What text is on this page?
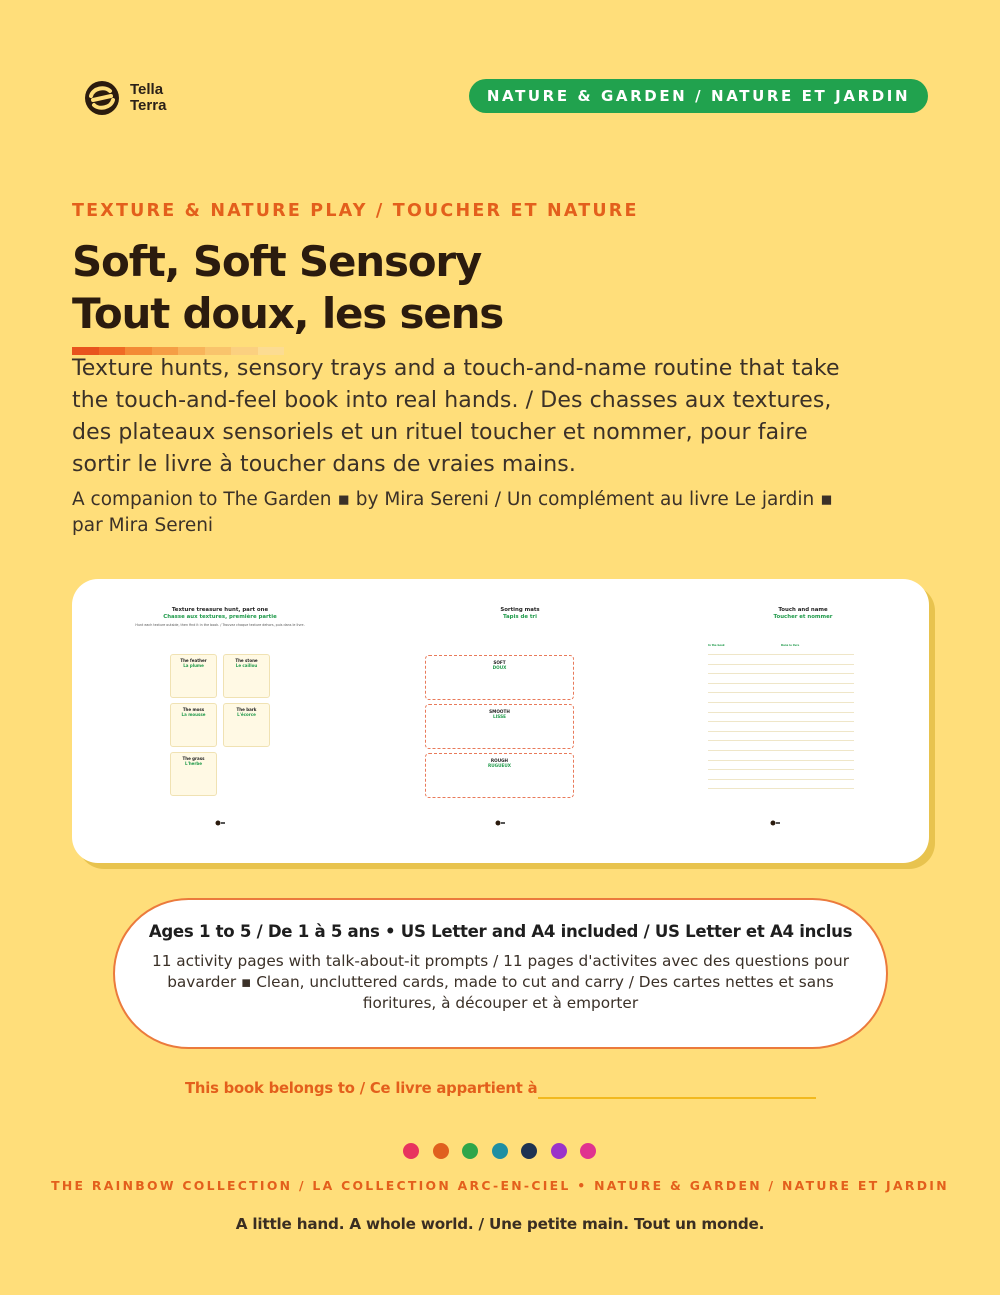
Tella
Terra
NATURE & GARDEN / NATURE ET JARDIN
TEXTURE & NATURE PLAY / TOUCHER ET NATURE
Soft, Soft Sensory
Tout doux, les sens

Texture hunts, sensory trays and a touch-and-name routine that take the touch-and-feel book into real hands. / Des chasses aux textures, des plateaux sensoriels et un rituel toucher et nommer, pour faire sortir le livre à toucher dans de vraies mains.

A companion to The Garden ▪ by Mira Sereni / Un complément au livre Le jardin ▪ par Mira Sereni

Texture treasure hunt, part one
Chasse aux textures, première partie
Hunt each texture outside, then find it in the book. / Trouvez chaque texture dehors, puis dans le livre.
The feather
La plume
The stone
Le caillou
The moss
La mousse
The bark
L'écorce
The grass
L'herbe
Sorting mats
Tapis de tri
SOFT
DOUX
SMOOTH
LISSE
ROUGH
RUGUEUX
Touch and name
Toucher et nommer
In the book	Dans le livre
Ages 1 to 5 / De 1 à 5 ans • US Letter and A4 included / US Letter et A4 inclus
11 activity pages with talk-about-it prompts / 11 pages d'activites avec des questions pour bavarder ▪ Clean, uncluttered cards, made to cut and carry / Des cartes nettes et sans fioritures, à découper et à emporter
This book belongs to / Ce livre appartient à
THE RAINBOW COLLECTION / LA COLLECTION ARC-EN-CIEL • NATURE & GARDEN / NATURE ET JARDIN
A little hand. A whole world. / Une petite main. Tout un monde.
